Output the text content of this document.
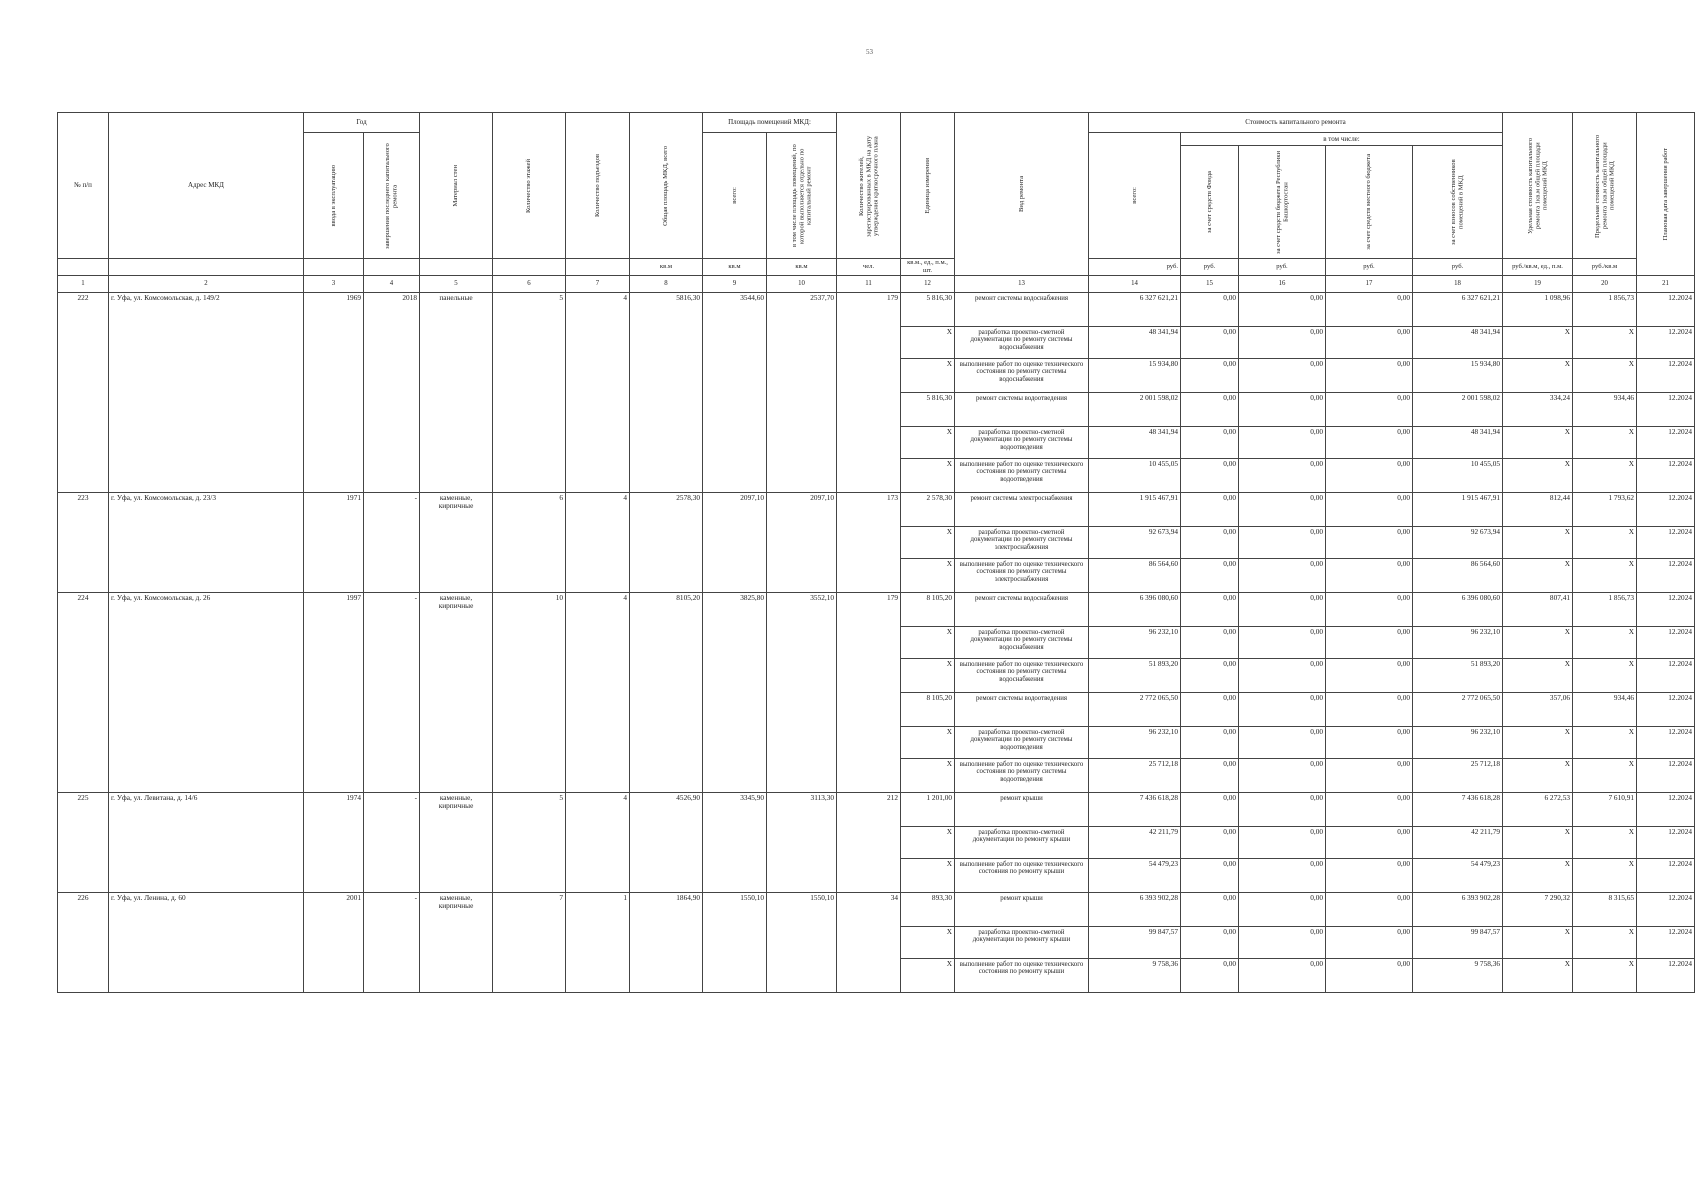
53
№ п/п	Адрес МКД	Год		Материал стен	Количество этажей	Количество подъездов	Общая площадь МКД, всего	Площадь помещений МКД:		Количество жителей, зарегистрированных в МКД на дату утверждения краткосрочного плана	Единица измерения	Вид ремонта	Стоимость капитального ремонта					Удельная стоимость капитального ремонта 1кв.м общей площади помещений МКД	Предельная стоимость капитального ремонта 1кв.м общей площади помещений МКД	Плановая дата завершения работ

		ввода в эксплуатацию	завершения последнего капитального ремонта					всего:	в том числе площадь помещений, по которой выполняется отдельно по капитальный ремонт				всего:	в том числе:						

														за счет средств Фонда	за счет средств бюджета Республики Башкортостан	за счет средств местного бюджета	за счет взносов собственников помещений в МКД			

							кв.м	кв.м	кв.м	чел.	кв.м., ед., п.м., шт.		руб.	руб.	руб.	руб.	руб.	руб./кв.м, ед., п.м.	руб./кв.м	
1	2	3	4	5	6	7	8	9	10	11	12	13	14	15	16	17	18	19	20	21
222	г. Уфа, ул. Комсомольская, д. 149/2	1969	2018	панельные	5	4	5816,30	3544,60	2537,70	179	5 816,30	ремонт системы водоснабжения	6 327 621,21	0,00	0,00	0,00	6 327 621,21	1 098,96	1 856,73	12.2024
											X	разработка проектно-сметной документации по ремонту системы водоснабжения	48 341,94	0,00	0,00	0,00	48 341,94	X	X	12.2024
											X	выполнение работ по оценке технического состояния по ремонту системы водоснабжения	15 934,80	0,00	0,00	0,00	15 934,80	X	X	12.2024
											5 816,30	ремонт системы водоотведения	2 001 598,02	0,00	0,00	0,00	2 001 598,02	334,24	934,46	12.2024
											X	разработка проектно-сметной документации по ремонту системы водоотведения	48 341,94	0,00	0,00	0,00	48 341,94	X	X	12.2024
											X	выполнение работ по оценке технического состояния по ремонту системы водоотведения	10 455,05	0,00	0,00	0,00	10 455,05	X	X	12.2024
223	г. Уфа, ул. Комсомольская, д. 23/3	1971	-	каменные, кирпичные	6	4	2578,30	2097,10	2097,10	173	2 578,30	ремонт системы электроснабжения	1 915 467,91	0,00	0,00	0,00	1 915 467,91	812,44	1 793,62	12.2024
											X	разработка проектно-сметной документации по ремонту системы электроснабжения	92 673,94	0,00	0,00	0,00	92 673,94	X	X	12.2024
											X	выполнение работ по оценке технического состояния по ремонту системы электроснабжения	86 564,60	0,00	0,00	0,00	86 564,60	X	X	12.2024
224	г. Уфа, ул. Комсомольская, д. 26	1997	-	каменные, кирпичные	10	4	8105,20	3825,80	3552,10	179	8 105,20	ремонт системы водоснабжения	6 396 080,60	0,00	0,00	0,00	6 396 080,60	807,41	1 856,73	12.2024
											X	разработка проектно-сметной документации по ремонту системы водоснабжения	96 232,10	0,00	0,00	0,00	96 232,10	X	X	12.2024
											X	выполнение работ по оценке технического состояния по ремонту системы водоснабжения	51 893,20	0,00	0,00	0,00	51 893,20	X	X	12.2024
											8 105,20	ремонт системы водоотведения	2 772 065,50	0,00	0,00	0,00	2 772 065,50	357,06	934,46	12.2024
											X	разработка проектно-сметной документации по ремонту системы водоотведения	96 232,10	0,00	0,00	0,00	96 232,10	X	X	12.2024
											X	выполнение работ по оценке технического состояния по ремонту системы водоотведения	25 712,18	0,00	0,00	0,00	25 712,18	X	X	12.2024
225	г. Уфа, ул. Левитана, д. 14/6	1974	-	каменные, кирпичные	5	4	4526,90	3345,90	3113,30	212	1 201,00	ремонт крыши	7 436 618,28	0,00	0,00	0,00	7 436 618,28	6 272,53	7 610,91	12.2024
											X	разработка проектно-сметной документации по ремонту крыши	42 211,79	0,00	0,00	0,00	42 211,79	X	X	12.2024
											X	выполнение работ по оценке технического состояния по ремонту крыши	54 479,23	0,00	0,00	0,00	54 479,23	X	X	12.2024
226	г. Уфа, ул. Ленина, д. 60	2001	-	каменные, кирпичные	7	1	1864,90	1550,10	1550,10	34	893,30	ремонт крыши	6 393 902,28	0,00	0,00	0,00	6 393 902,28	7 290,32	8 315,65	12.2024
											X	разработка проектно-сметной документации по ремонту крыши	99 847,57	0,00	0,00	0,00	99 847,57	X	X	12.2024
											X	выполнение работ по оценке технического состояния по ремонту крыши	9 758,36	0,00	0,00	0,00	9 758,36	X	X	12.2024
